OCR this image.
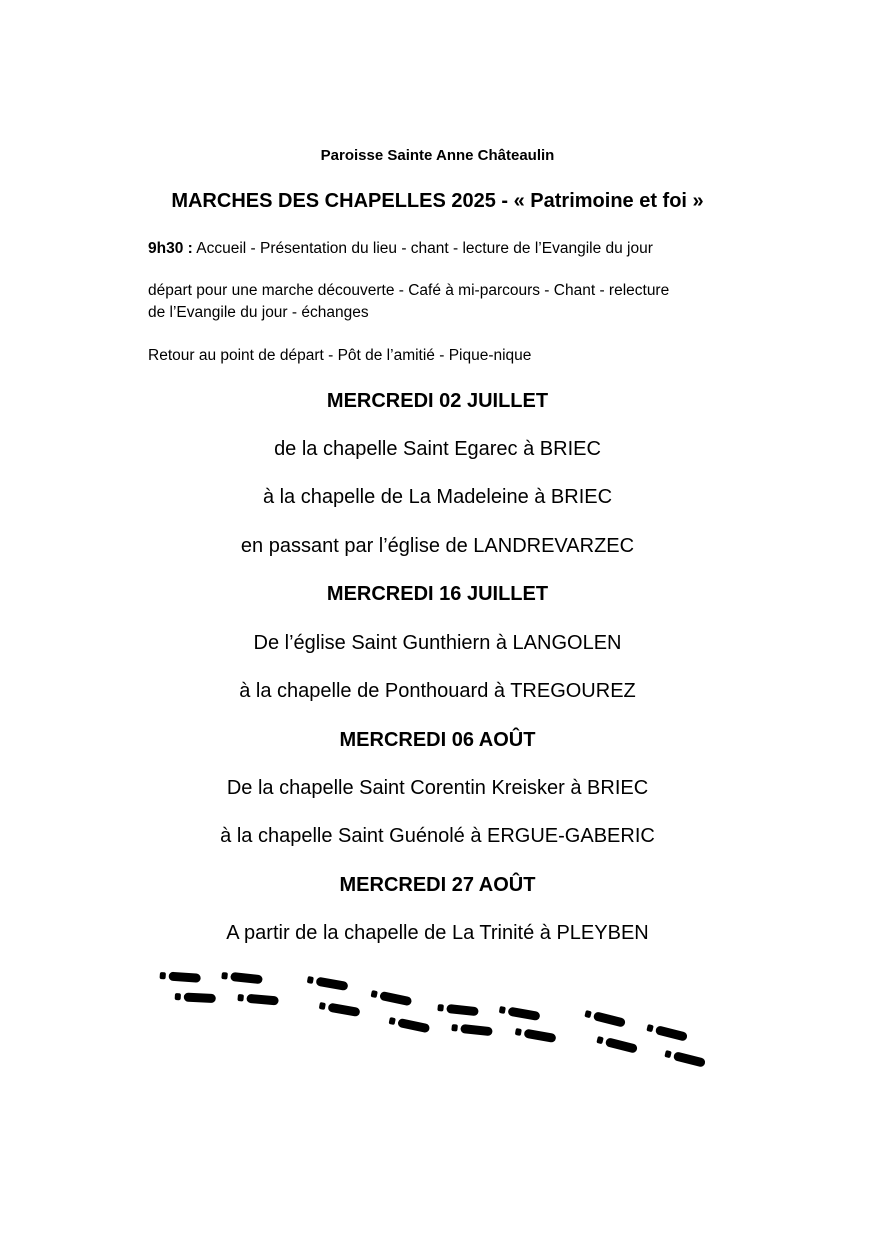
Paroisse Sainte Anne Châteaulin
MARCHES DES CHAPELLES 2025 - « Patrimoine et foi »
9h30 : Accueil - Présentation du lieu - chant - lecture de l’Evangile du jour
départ pour une marche découverte - Café à mi-parcours - Chant - relecture
de l’Evangile du jour - échanges
Retour au point de départ - Pôt de l’amitié - Pique-nique
MERCREDI 02 JUILLET
de la chapelle Saint Egarec à BRIEC
à la chapelle de La Madeleine à BRIEC
en passant par l’église de LANDREVARZEC
MERCREDI 16 JUILLET
De l’église Saint Gunthiern à LANGOLEN
à la chapelle de Ponthouard à TREGOUREZ
MERCREDI 06 AOÛT
De la chapelle Saint Corentin Kreisker à BRIEC
à la chapelle Saint Guénolé à ERGUE-GABERIC
MERCREDI 27 AOÛT
A partir de la chapelle de La Trinité à PLEYBEN
